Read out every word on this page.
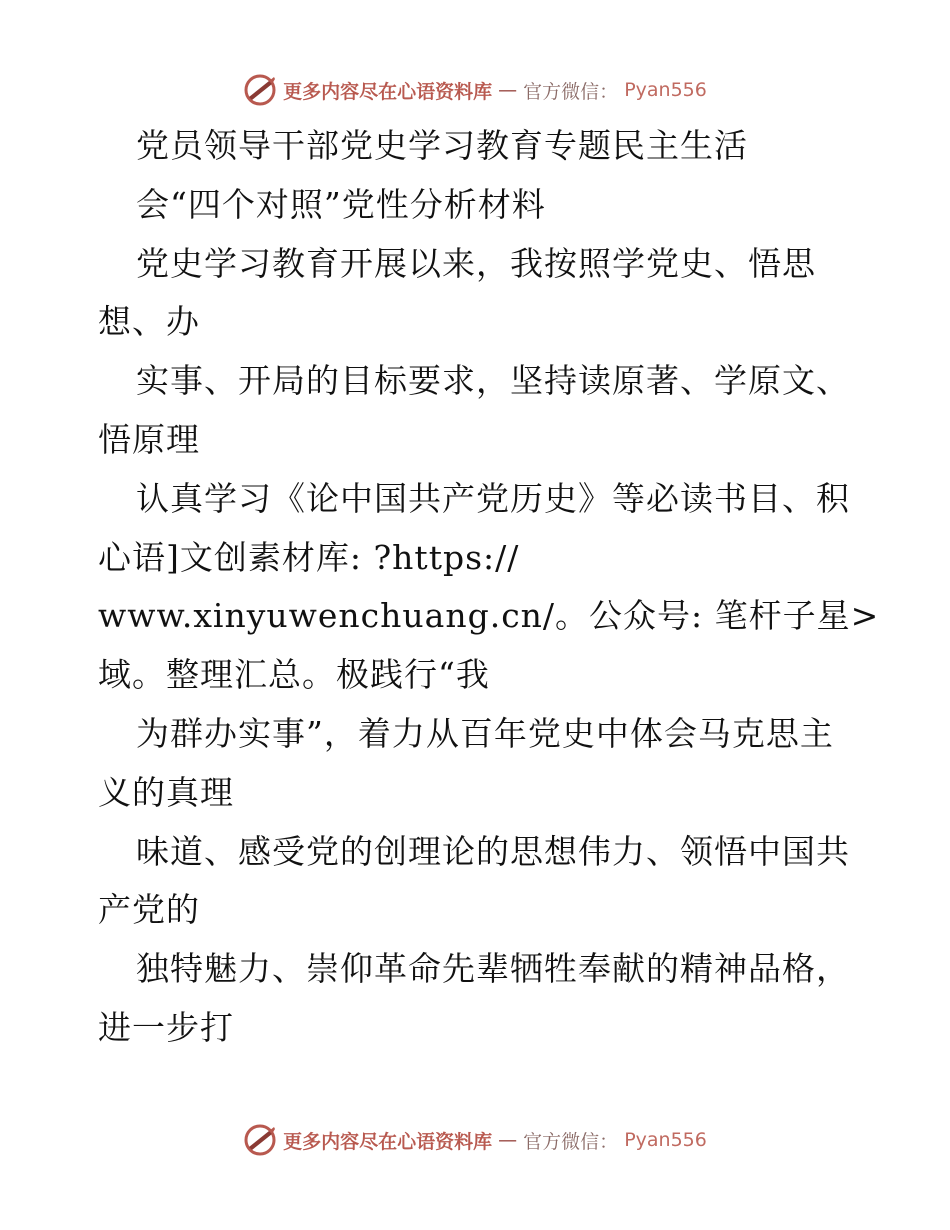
更多内容尽在心语资料库 — 官方微信： Pyan556
党员领导干部党史学习教育专题民主生活
会“四个对照”党性分析材料
党史学习教育开展以来，我按照学党史、悟思
想、办
实事、开局的目标要求，坚持读原著、学原文、
悟原理
认真学习《论中国共产党历史》等必读书目、积
心语]文创素材库: ?https://
www.xinyuwenchuang.cn/。公众号: 笔杆子星>
域。整理汇总。极践行“我
为群办实事”，着力从百年党史中体会马克思主
义的真理
味道、感受党的创理论的思想伟力、领悟中国共
产党的
独特魅力、崇仰革命先辈牺牲奉献的精神品格，
进一步打
更多内容尽在心语资料库 — 官方微信： Pyan556
